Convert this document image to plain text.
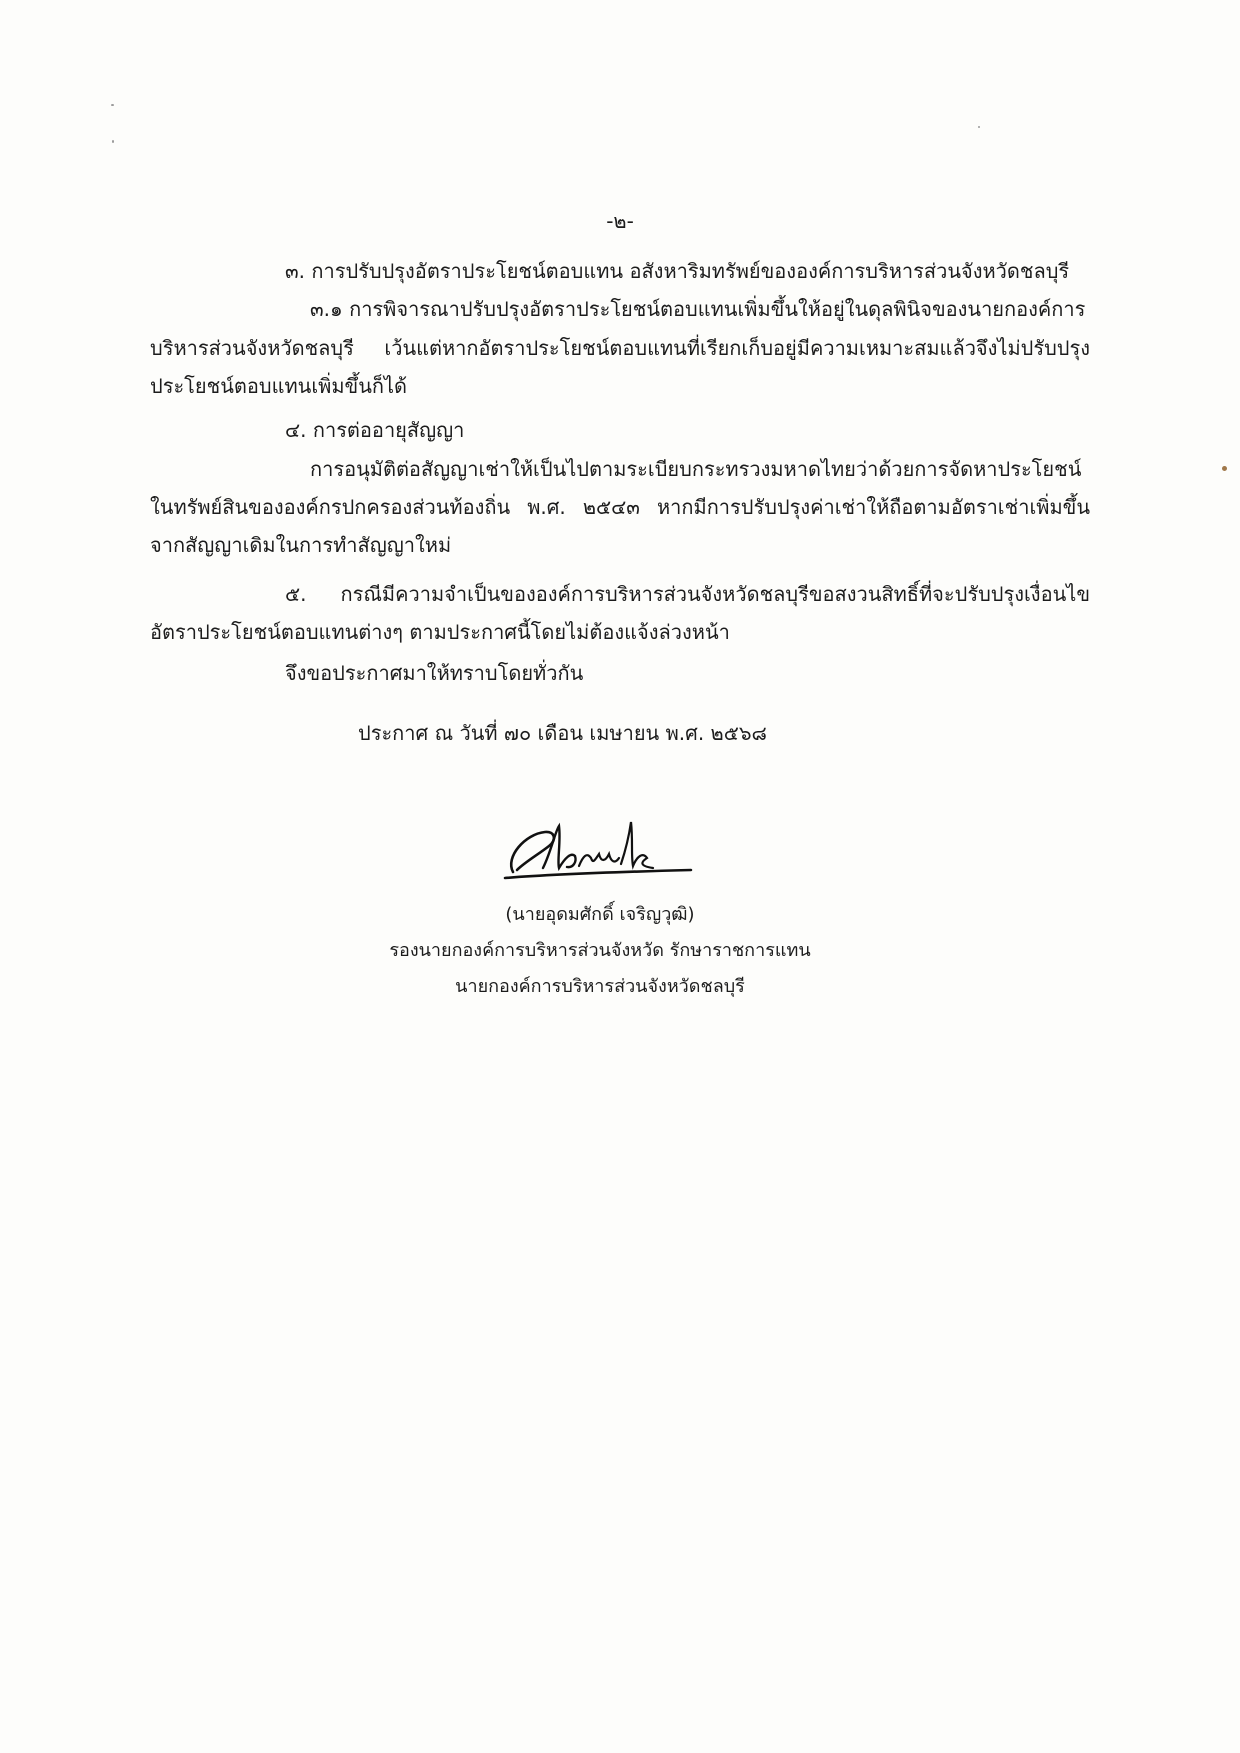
-๒-
๓. การปรับปรุงอัตราประโยชน์ตอบแทน อสังหาริมทรัพย์ขององค์การบริหารส่วนจังหวัดชลบุรี
๓.๑ การพิจารณาปรับปรุงอัตราประโยชน์ตอบแทนเพิ่มขึ้นให้อยู่ในดุลพินิจของนายกองค์การ

บริหารส่วนจังหวัดชลบุรี เว้นแต่หากอัตราประโยชน์ตอบแทนที่เรียกเก็บอยู่มีความเหมาะสมแล้วจึงไม่ปรับปรุงประโยชน์ตอบแทนเพิ่มขึ้นก็ได้

๔. การต่ออายุสัญญา

การอนุมัติต่อสัญญาเช่าให้เป็นไปตามระเบียบกระทรวงมหาดไทยว่าด้วยการจัดหาประโยชน์ในทรัพย์สินขององค์กรปกครองส่วนท้องถิ่น พ.ศ. ๒๕๔๓ หากมีการปรับปรุงค่าเช่าให้ถือตามอัตราเช่าเพิ่มขึ้นจากสัญญาเดิมในการทำสัญญาใหม่

๕. กรณีมีความจำเป็นขององค์การบริหารส่วนจังหวัดชลบุรีขอสงวนสิทธิ์ที่จะปรับปรุงเงื่อนไขอัตราประโยชน์ตอบแทนต่างๆ ตามประกาศนี้โดยไม่ต้องแจ้งล่วงหน้า

จึงขอประกาศมาให้ทราบโดยทั่วกัน
ประกาศ ณ วันที่ ๗๐ เดือน เมษายน พ.ศ. ๒๕๖๘
(นายอุดมศักดิ์ เจริญวุฒิ)
รองนายกองค์การบริหารส่วนจังหวัด รักษาราชการแทน
นายกองค์การบริหารส่วนจังหวัดชลบุรี
